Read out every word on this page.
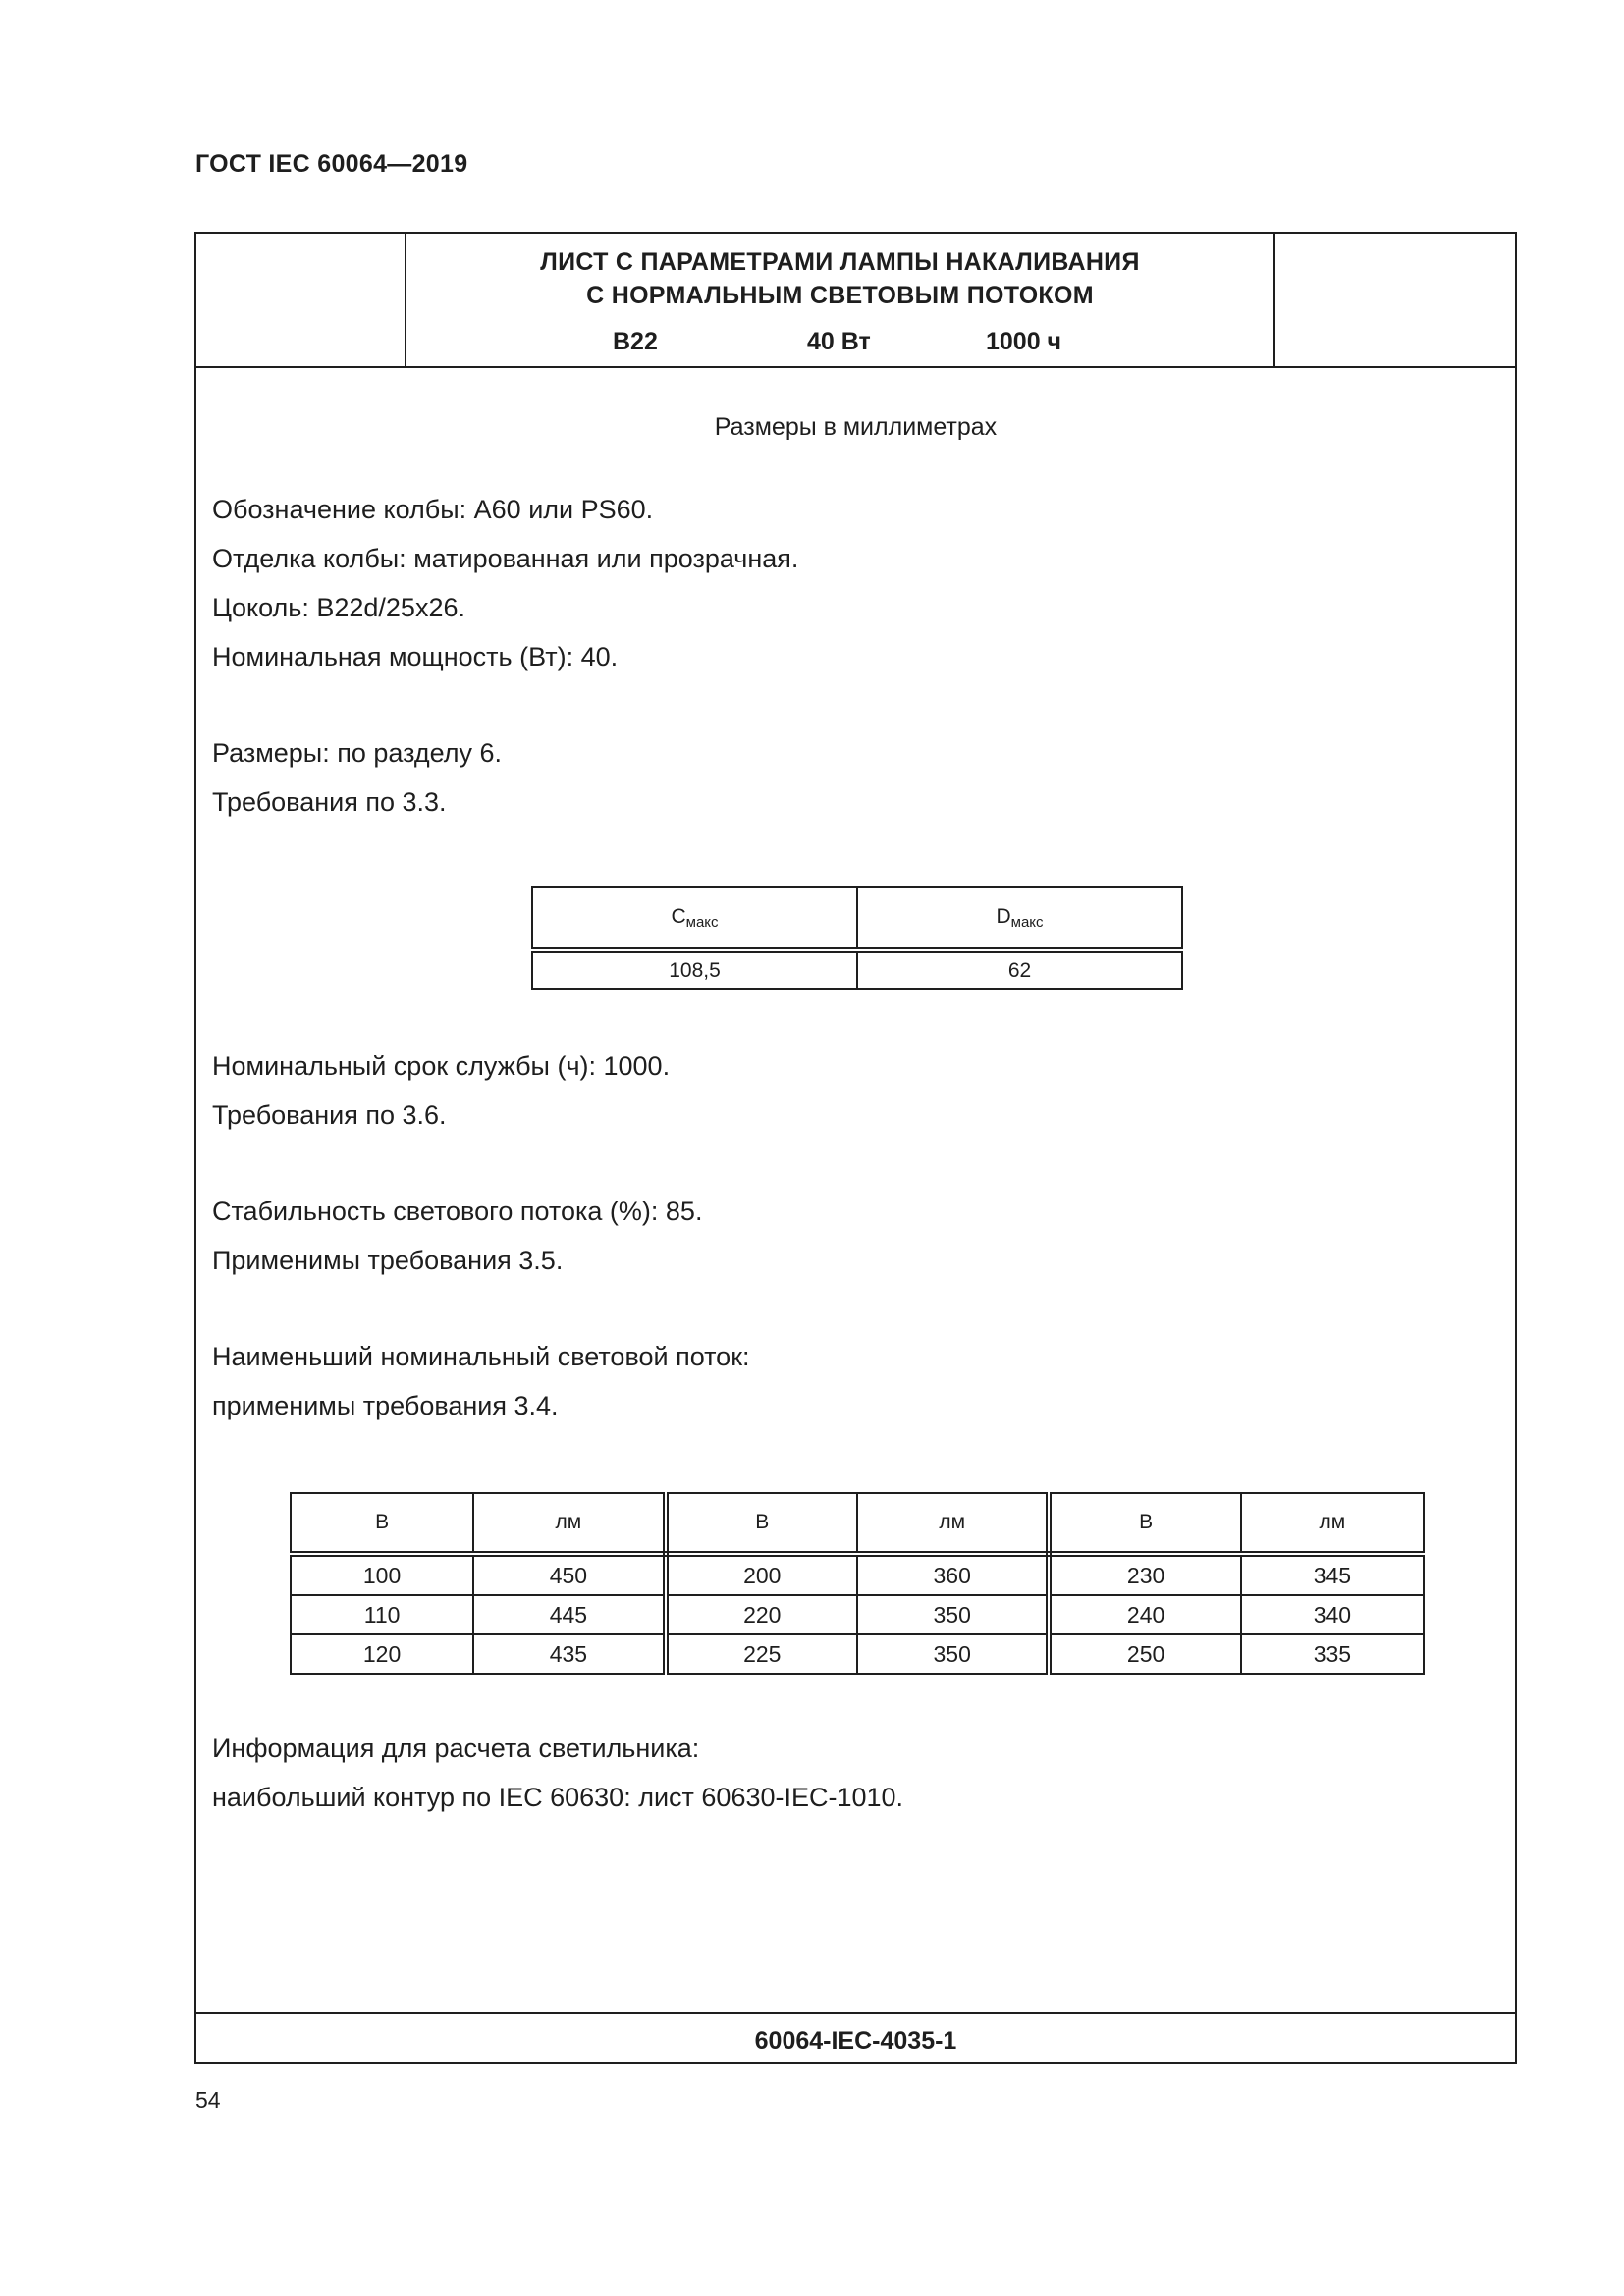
ГОСТ IEC 60064—2019
ЛИСТ С ПАРАМЕТРАМИ ЛАМПЫ НАКАЛИВАНИЯ
С НОРМАЛЬНЫМ СВЕТОВЫМ ПОТОКОМ
B22	40 Вт	1000 ч
Размеры в миллиметрах
Обозначение колбы: A60 или PS60.
Отделка колбы: матированная или прозрачная.
Цоколь: B22d/25x26.
Номинальная мощность (Вт): 40.
Размеры: по разделу 6.
Требования по 3.3.
$C_{макс}$	$D_{макс}$
108,5	62
Номинальный срок службы (ч): 1000.
Требования по 3.6.
Стабильность светового потока (%): 85.
Применимы требования 3.5.
Наименьший номинальный световой поток:
применимы требования 3.4.
В	лм	В	лм	В	лм
100	450	200	360	230	345
110	445	220	350	240	340
120	435	225	350	250	335
Информация для расчета светильника:
наибольший контур по IEC 60630: лист 60630-IEC-1010.
60064-IEC-4035-1
54
